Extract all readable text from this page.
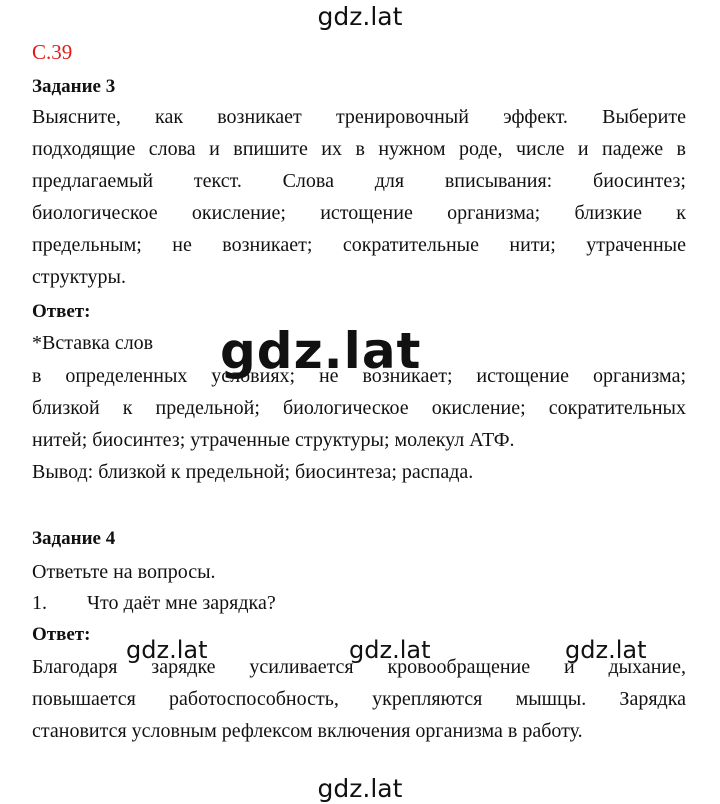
gdz.lat
С.39
Задание 3
Выясните, как возникает тренировочный эффект. Выберите
подходящие слова и впишите их в нужном роде, числе и падеже в
предлагаемый текст. Слова для вписывания: биосинтез;
биологическое окисление; истощение организма; близкие к
предельным; не возникает; сократительные нити; утраченные
структуры.
Ответ:
*Вставка слов
в определенных условиях; не возникает; истощение организма;
близкой к предельной; биологическое окисление; сократительных
нитей; биосинтез; утраченные структуры; молекул АТФ.
Вывод: близкой к предельной; биосинтеза; распада.
gdz.lat
Задание 4
Ответьте на вопросы.
1. Что даёт мне зарядка?
Ответ:
Благодаря зарядке усиливается кровообращение и дыхание,
повышается работоспособность, укрепляются мышцы. Зарядка
становится условным рефлексом включения организма в работу.
gdz.lat	gdz.lat	gdz.lat
gdz.lat
